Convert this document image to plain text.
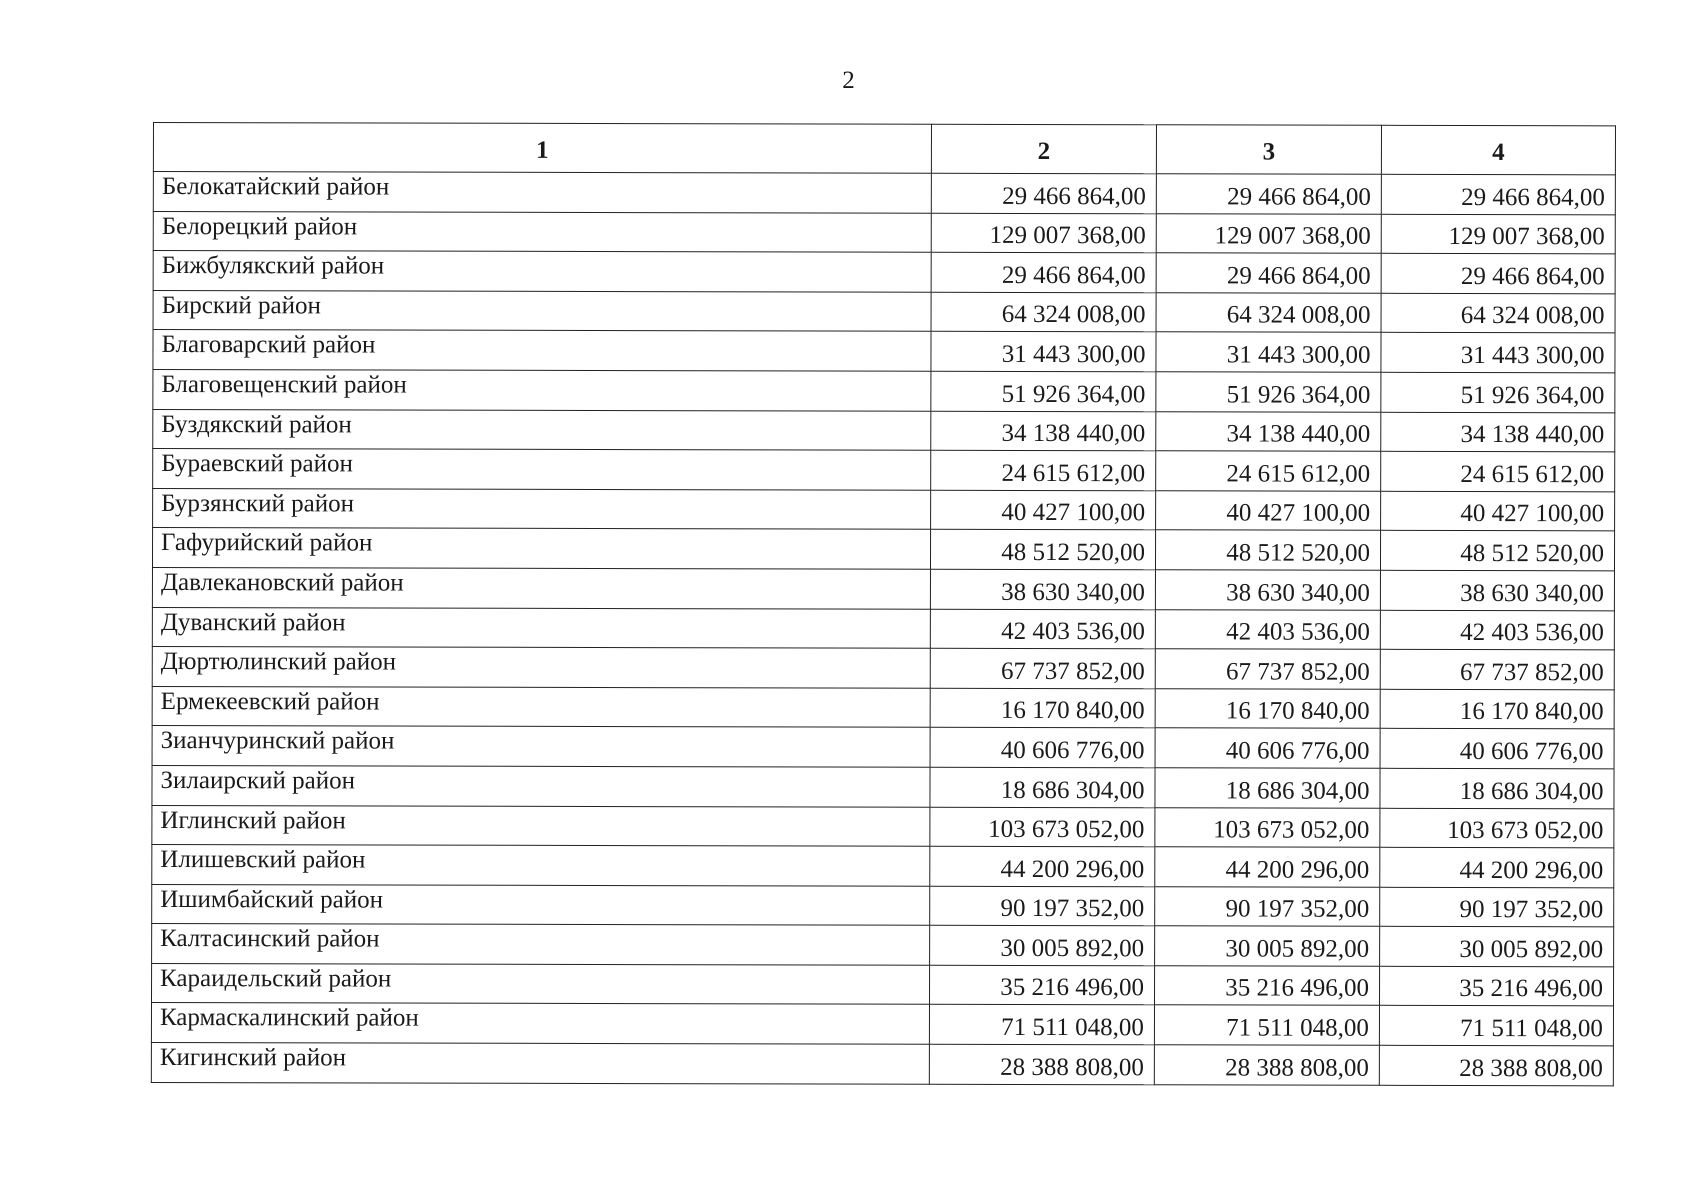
2
1	2	3	4
Белокатайский район	29 466 864,00	29 466 864,00	29 466 864,00
Белорецкий район	129 007 368,00	129 007 368,00	129 007 368,00
Бижбулякский район	29 466 864,00	29 466 864,00	29 466 864,00
Бирский район	64 324 008,00	64 324 008,00	64 324 008,00
Благоварский район	31 443 300,00	31 443 300,00	31 443 300,00
Благовещенский район	51 926 364,00	51 926 364,00	51 926 364,00
Буздякский район	34 138 440,00	34 138 440,00	34 138 440,00
Бураевский район	24 615 612,00	24 615 612,00	24 615 612,00
Бурзянский район	40 427 100,00	40 427 100,00	40 427 100,00
Гафурийский район	48 512 520,00	48 512 520,00	48 512 520,00
Давлекановский район	38 630 340,00	38 630 340,00	38 630 340,00
Дуванский район	42 403 536,00	42 403 536,00	42 403 536,00
Дюртюлинский район	67 737 852,00	67 737 852,00	67 737 852,00
Ермекеевский район	16 170 840,00	16 170 840,00	16 170 840,00
Зианчуринский район	40 606 776,00	40 606 776,00	40 606 776,00
Зилаирский район	18 686 304,00	18 686 304,00	18 686 304,00
Иглинский район	103 673 052,00	103 673 052,00	103 673 052,00
Илишевский район	44 200 296,00	44 200 296,00	44 200 296,00
Ишимбайский район	90 197 352,00	90 197 352,00	90 197 352,00
Калтасинский район	30 005 892,00	30 005 892,00	30 005 892,00
Караидельский район	35 216 496,00	35 216 496,00	35 216 496,00
Кармаскалинский район	71 511 048,00	71 511 048,00	71 511 048,00
Кигинский район	28 388 808,00	28 388 808,00	28 388 808,00
